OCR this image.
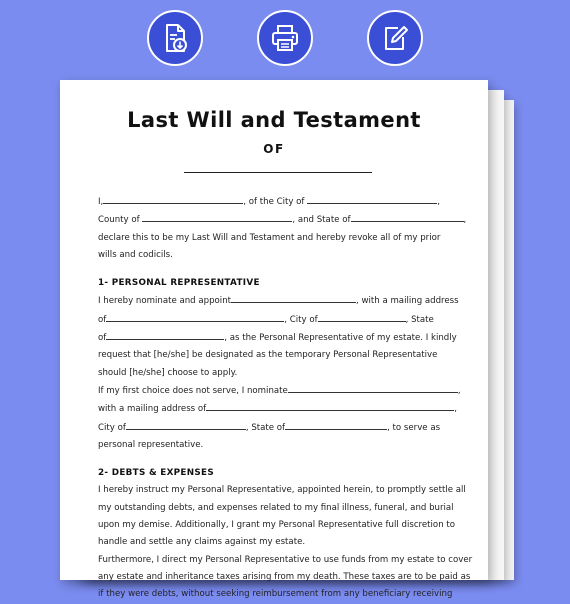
Last Will and Testament
OF
I,	, of the City of	,
County of	, and State of	,
declare this to be my Last Will and Testament and hereby revoke all of my prior
wills and codicils.
1- PERSONAL REPRESENTATIVE
I hereby nominate and appoint	, with a mailing address
of	, City of	, State
of	, as the Personal Representative of my estate. I kindly
request that [he/she] be designated as the temporary Personal Representative
should [he/she] choose to apply.
If my first choice does not serve, I nominate	,
with a mailing address of	,
City of	, State of	, to serve as
personal representative.
2- DEBTS & EXPENSES
I hereby instruct my Personal Representative, appointed herein, to promptly settle all
my outstanding debts, and expenses related to my final illness, funeral, and burial
upon my demise. Additionally, I grant my Personal Representative full discretion to
handle and settle any claims against my estate.
Furthermore, I direct my Personal Representative to use funds from my estate to cover
any estate and inheritance taxes arising from my death. These taxes are to be paid as
if they were debts, without seeking reimbursement from any beneficiary receiving
